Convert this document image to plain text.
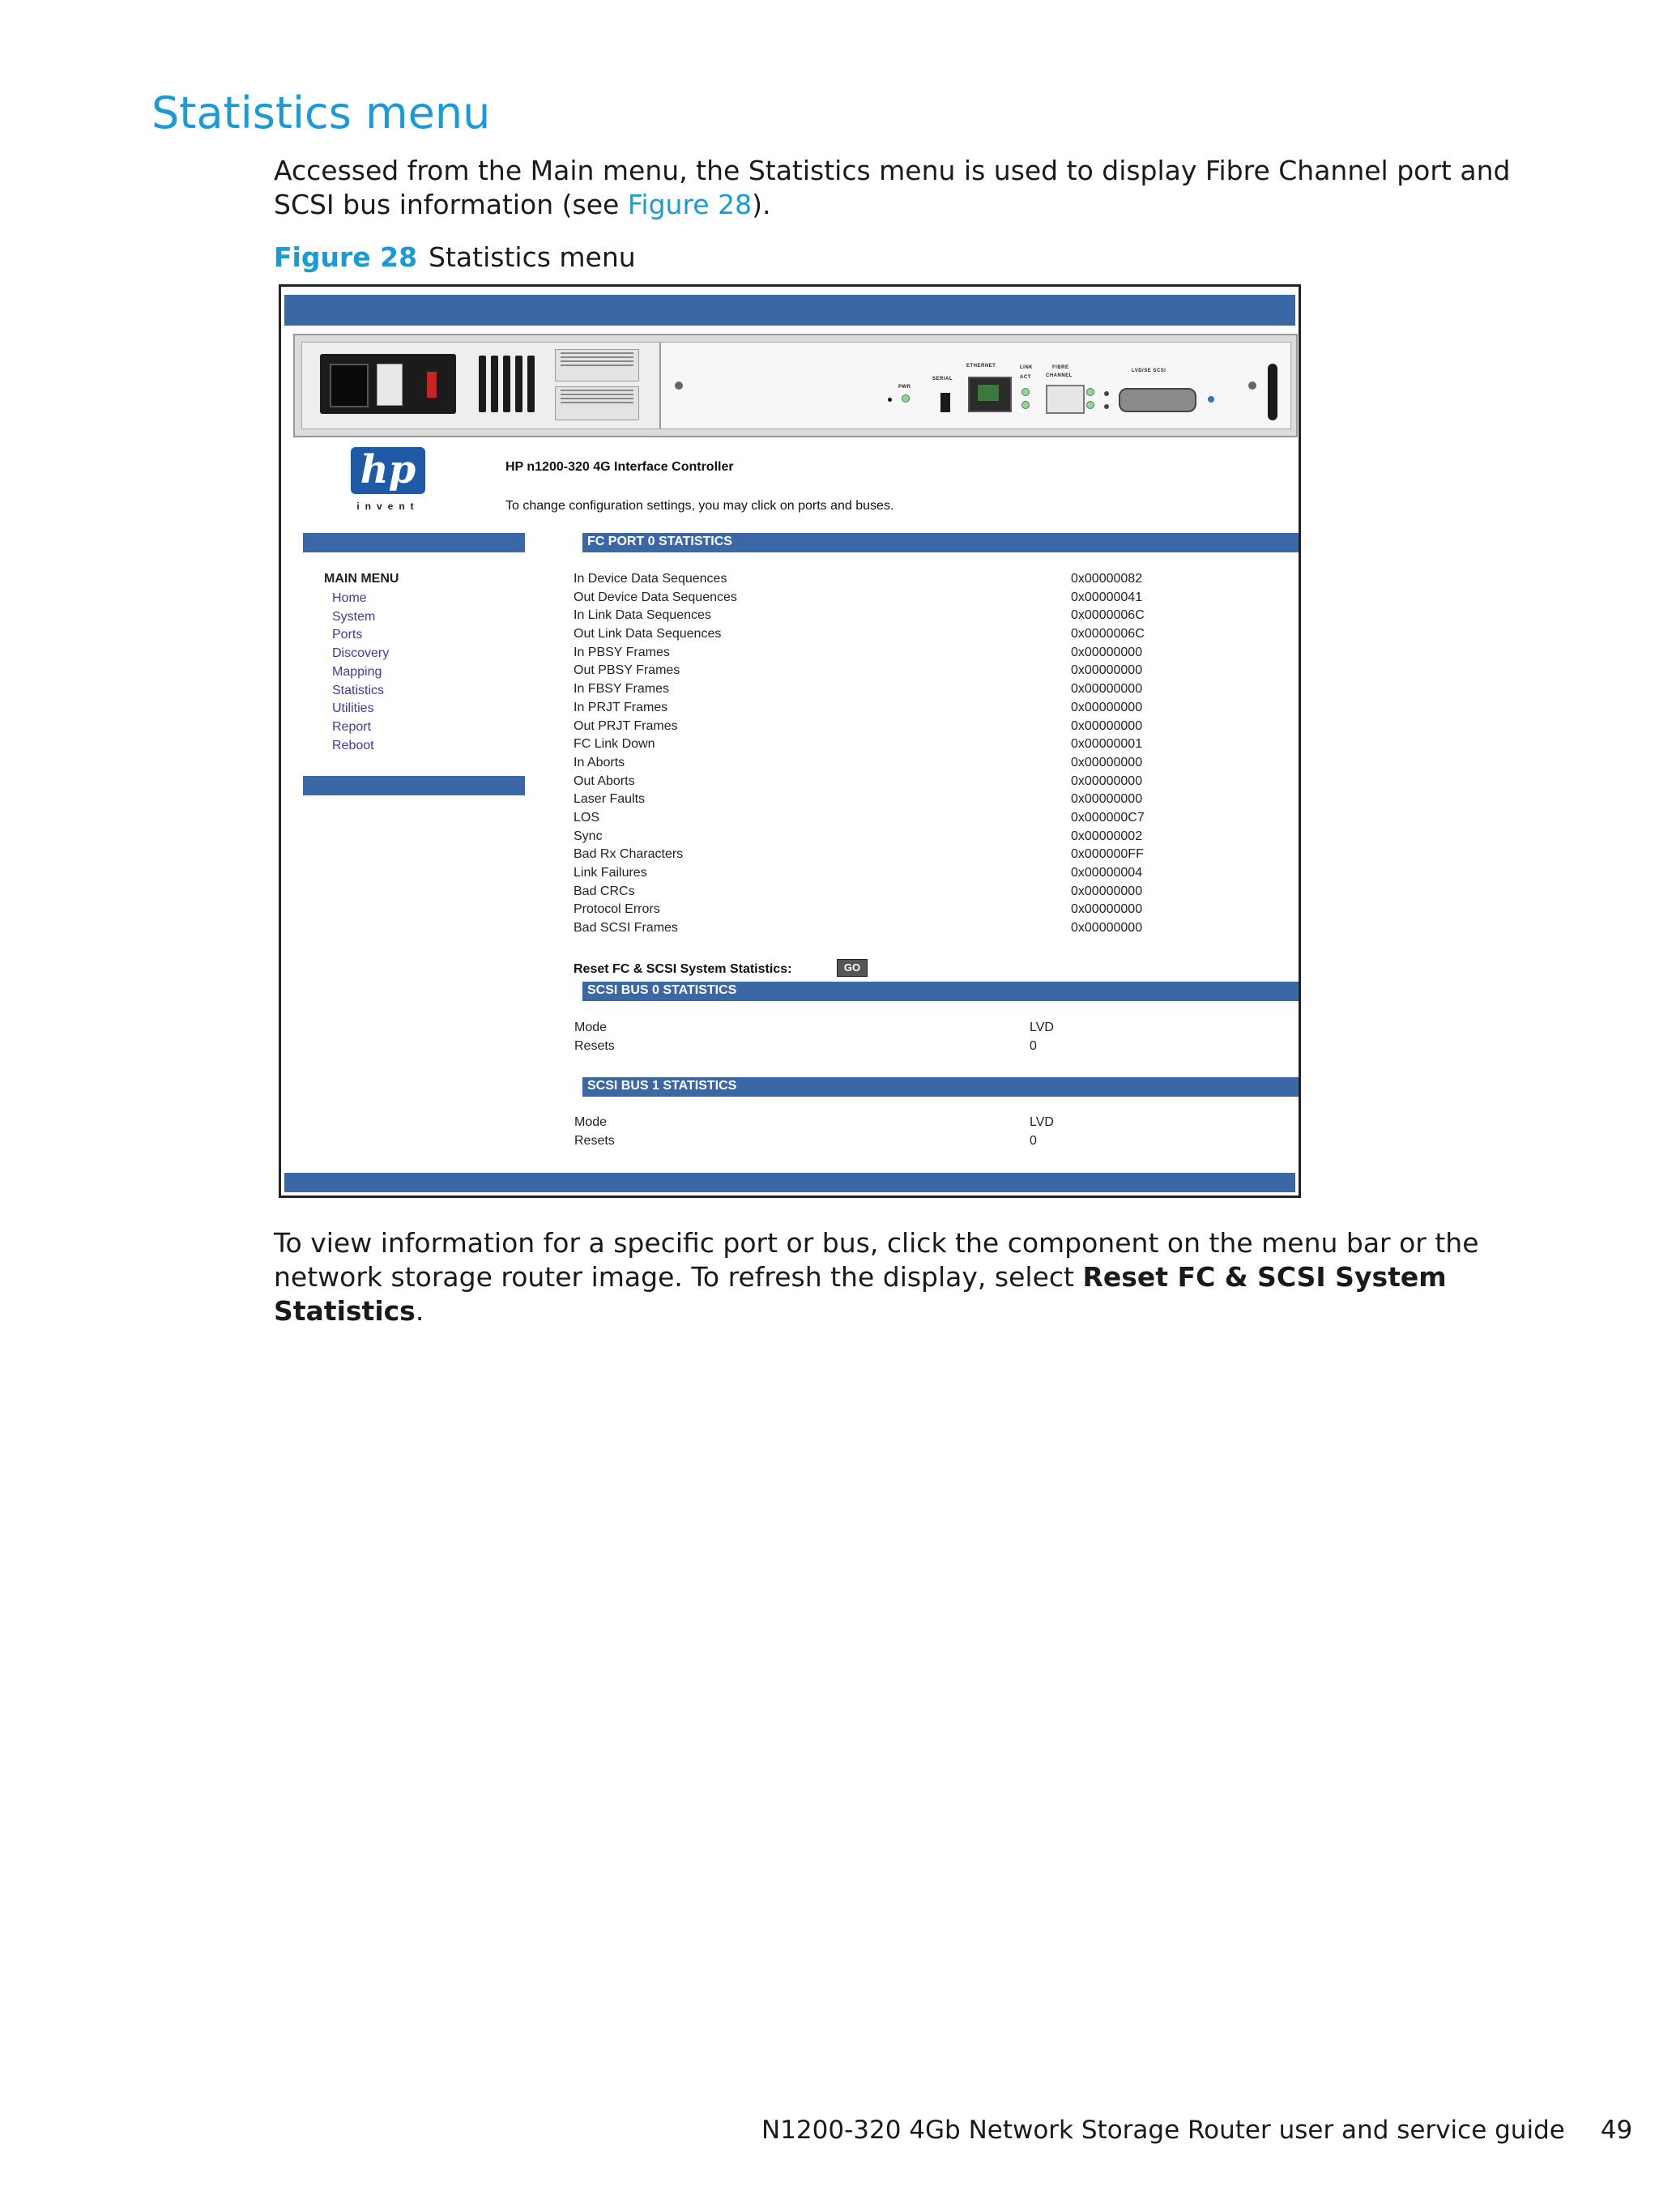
Statistics menu

Accessed from the Main menu, the Statistics menu is used to display Fibre Channel port and SCSI bus information (see Figure 28).

Figure 28 Statistics menu
PWR
SERIAL
ETHERNET	LINK
ACT
FIBRE
CHANNEL
LVD/SE SCSI
hp
invent
HP n1200-320 4G Interface Controller
To change configuration settings, you may click on ports and buses.
MAIN MENU
Home
System
Ports
Discovery
Mapping
Statistics
Utilities
Report
Reboot
FC PORT 0 STATISTICS
In Device Data Sequences	0x00000082
Out Device Data Sequences	0x00000041
In Link Data Sequences	0x0000006C
Out Link Data Sequences	0x0000006C
In PBSY Frames	0x00000000
Out PBSY Frames	0x00000000
In FBSY Frames	0x00000000
In PRJT Frames	0x00000000
Out PRJT Frames	0x00000000
FC Link Down	0x00000001
In Aborts	0x00000000
Out Aborts	0x00000000
Laser Faults	0x00000000
LOS	0x000000C7
Sync	0x00000002
Bad Rx Characters	0x000000FF
Link Failures	0x00000004
Bad CRCs	0x00000000
Protocol Errors	0x00000000
Bad SCSI Frames	0x00000000
Reset FC & SCSI System Statistics:	GO
SCSI BUS 0 STATISTICS
Mode	LVD
Resets	0
SCSI BUS 1 STATISTICS
Mode	LVD
Resets	0

To view information for a specific port or bus, click the component on the menu bar or the network storage router image. To refresh the display, select Reset FC & SCSI System Statistics.

N1200-320 4Gb Network Storage Router user and service guide 49
